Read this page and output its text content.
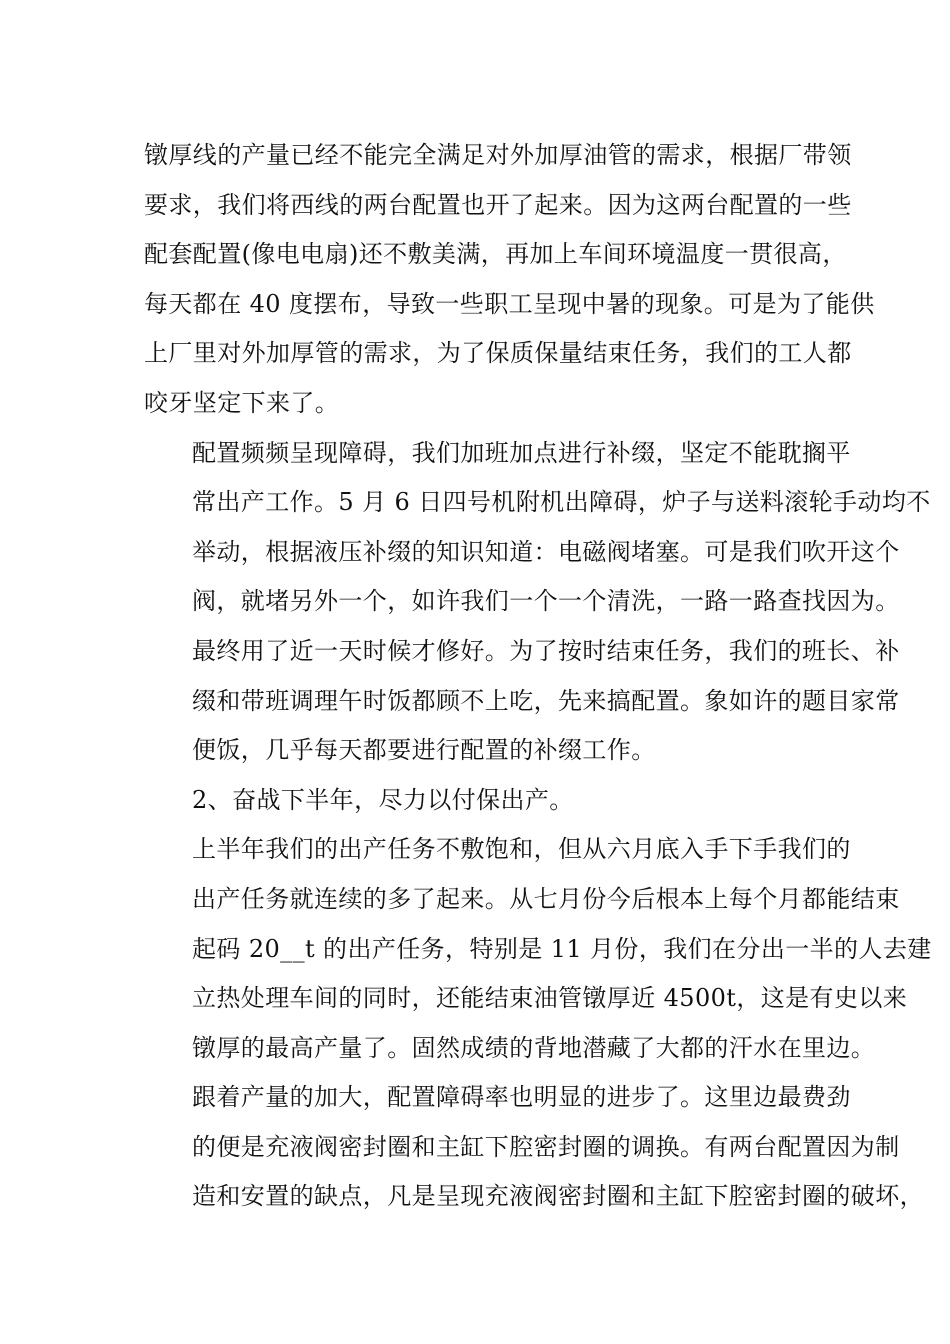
镦厚线的产量已经不能完全满足对外加厚油管的需求，根据厂带领
要求，我们将西线的两台配置也开了起来。因为这两台配置的一些
配套配置(像电电扇)还不敷美满，再加上车间环境温度一贯很高，
每天都在 40 度摆布，导致一些职工呈现中暑的现象。可是为了能供
上厂里对外加厚管的需求，为了保质保量结束任务，我们的工人都
咬牙坚定下来了。

配置频频呈现障碍，我们加班加点进行补缀，坚定不能耽搁平
常出产工作。5 月 6 日四号机附机出障碍，炉子与送料滚轮手动均不
举动，根据液压补缀的知识知道：电磁阀堵塞。可是我们吹开这个
阀，就堵另外一个，如许我们一个一个清洗，一路一路查找因为。
最终用了近一天时候才修好。为了按时结束任务，我们的班长、补
缀和带班调理午时饭都顾不上吃，先来搞配置。象如许的题目家常
便饭，几乎每天都要进行配置的补缀工作。

2、奋战下半年，尽力以付保出产。

上半年我们的出产任务不敷饱和，但从六月底入手下手我们的
出产任务就连续的多了起来。从七月份今后根本上每个月都能结束
起码 20__t 的出产任务，特别是 11 月份，我们在分出一半的人去建
立热处理车间的同时，还能结束油管镦厚近 4500t，这是有史以来
镦厚的最高产量了。固然成绩的背地潜藏了大都的汗水在里边。

跟着产量的加大，配置障碍率也明显的进步了。这里边最费劲
的便是充液阀密封圈和主缸下腔密封圈的调换。有两台配置因为制
造和安置的缺点，凡是呈现充液阀密封圈和主缸下腔密封圈的破坏，
